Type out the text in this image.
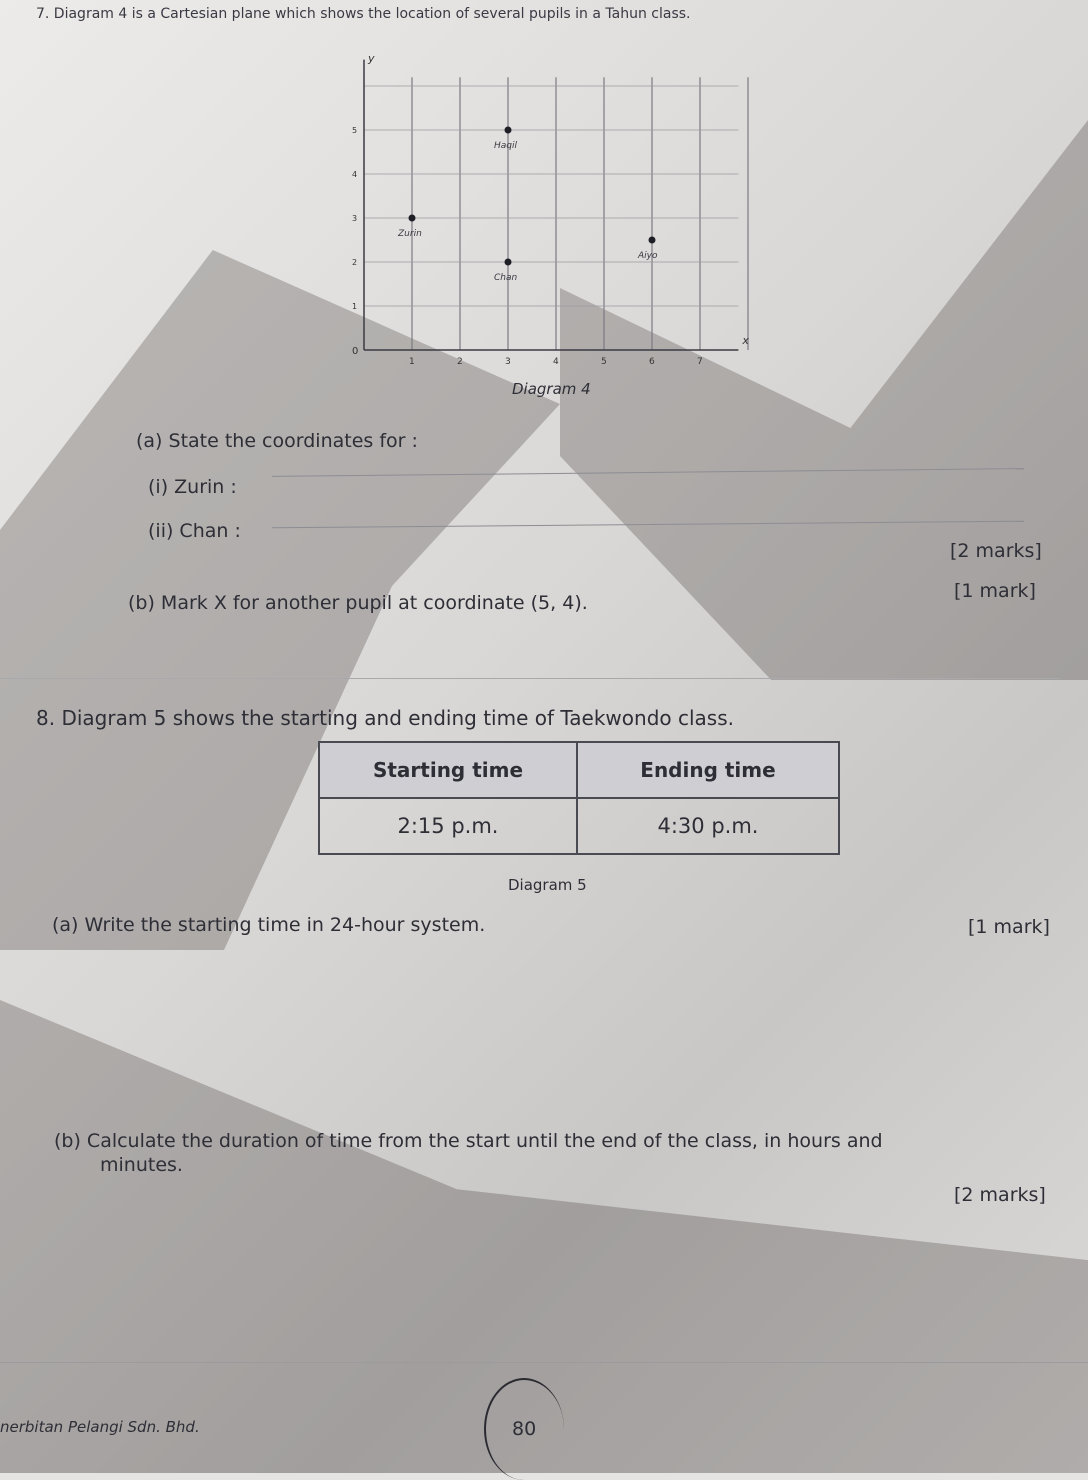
7. Diagram 4 is a Cartesian plane which shows the location of several pupils in a Tahun class.
x
y
0
1	2	3	4	5	6	7
1
2
3
4
5
Haqil
Zurin
Chan
Aiyo
Diagram 4
(a) State the coordinates for :
(i) Zurin :
(ii) Chan :
[2 marks]
(b) Mark X for another pupil at coordinate (5, 4).
[1 mark]
8. Diagram 5 shows the starting and ending time of Taekwondo class.
Starting time	Ending time
2:15 p.m.	4:30 p.m.
Diagram 5
(a) Write the starting time in 24-hour system.	[1 mark]
(b) Calculate the duration of time from the start until the end of the class, in hours and
minutes.
[2 marks]
nerbitan Pelangi Sdn. Bhd.	80
